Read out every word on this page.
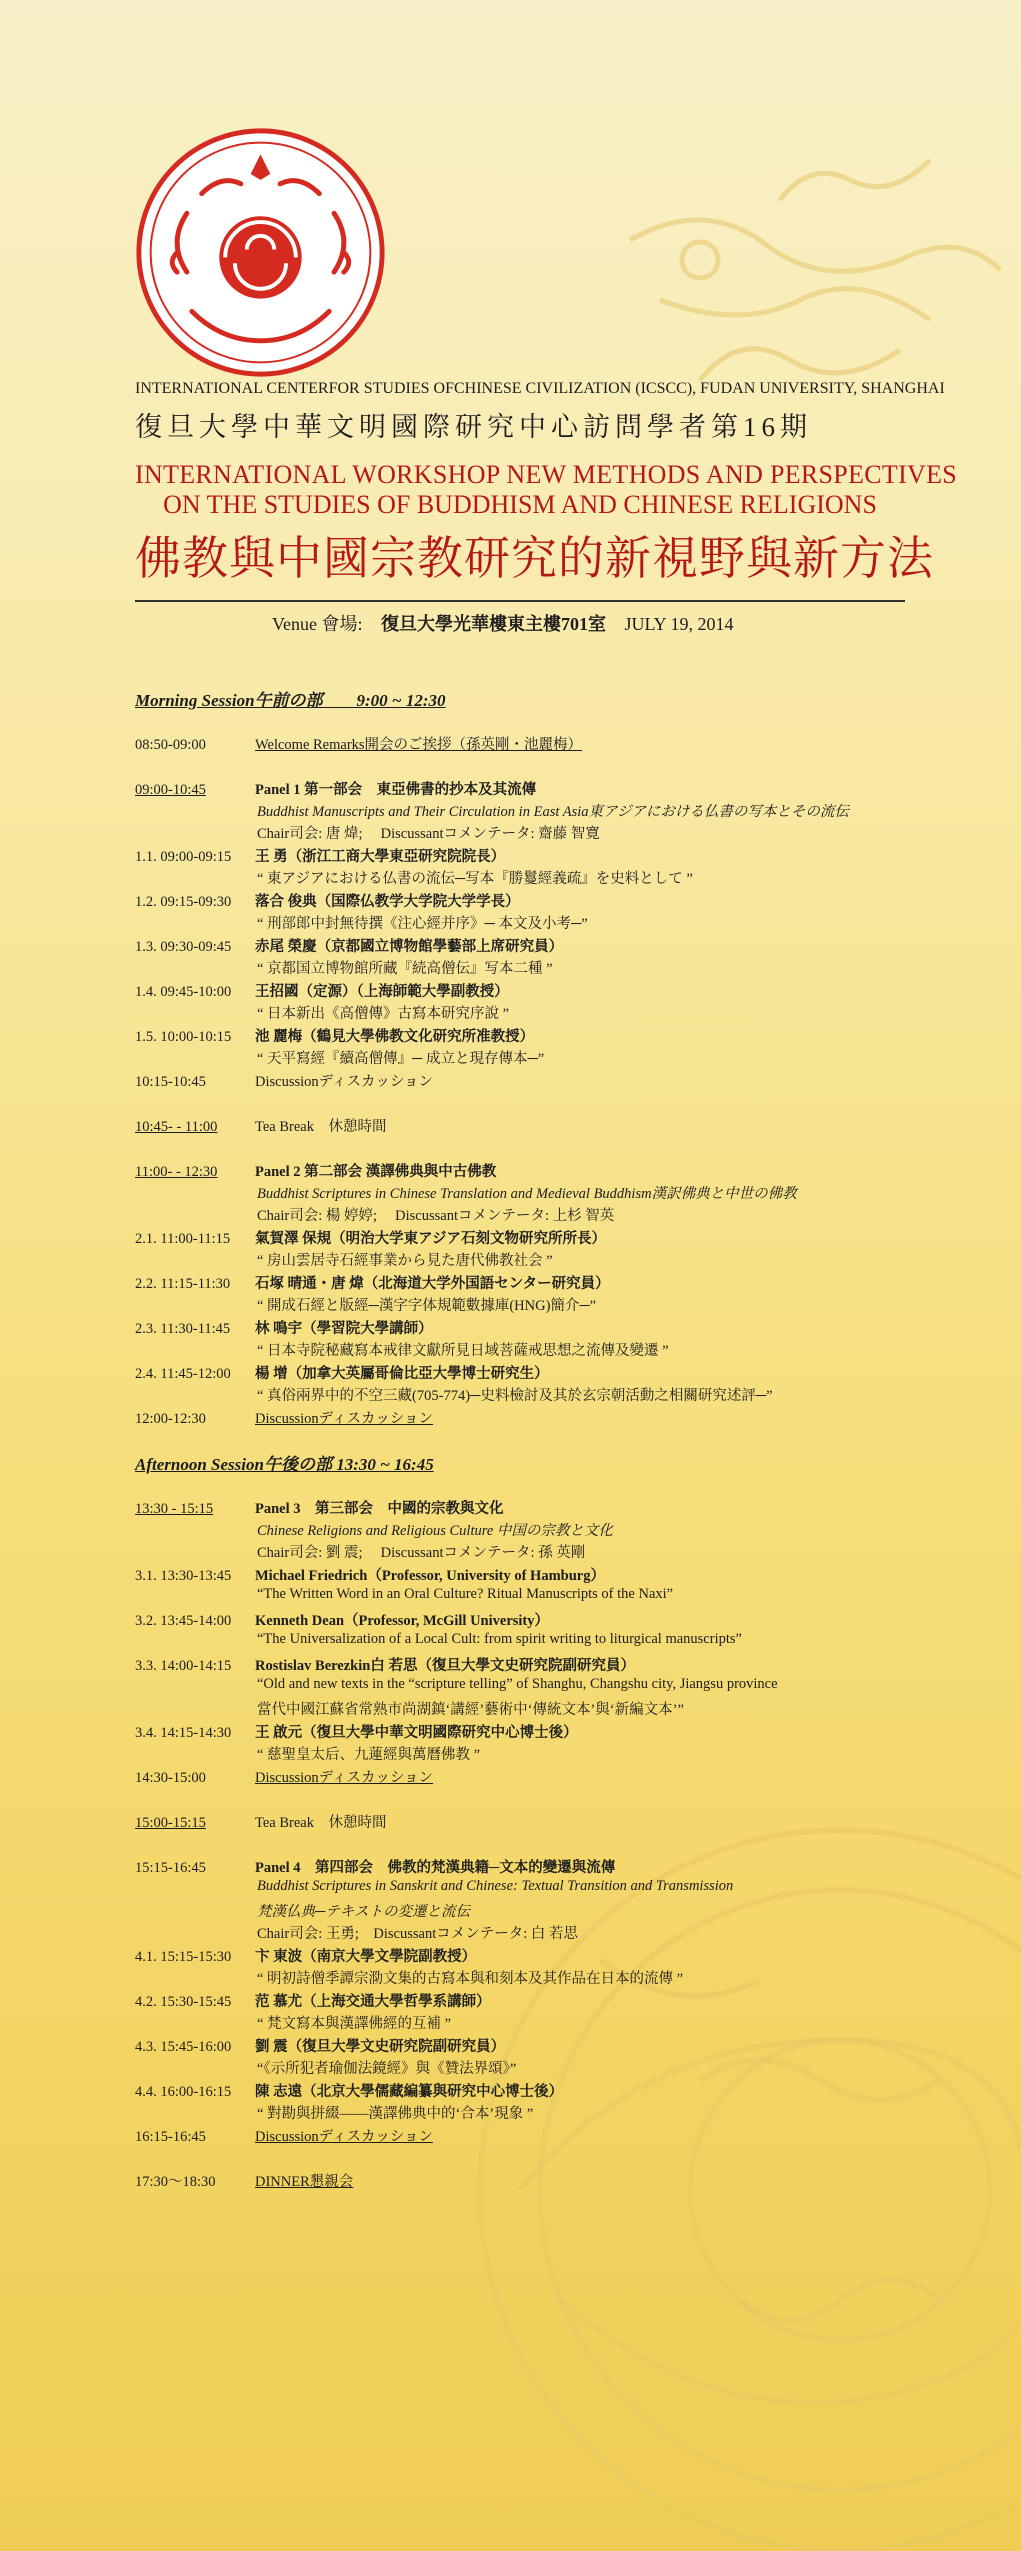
INTERNATIONAL CENTERFOR STUDIES OFCHINESE CIVILIZATION (ICSCC), FUDAN UNIVERSITY, SHANGHAI
復旦大學中華文明國際研究中心訪問學者第16期
INTERNATIONAL WORKSHOP NEW METHODS AND PERSPECTIVES
ON THE STUDIES OF BUDDHISM AND CHINESE RELIGIONS
佛教與中國宗教研究的新視野與新方法
Venue 會場: 復旦大學光華樓東主樓701室 JULY 19, 2014
Morning Session午前の部　　9:00 ~ 12:30
08:50-09:00	Welcome Remarks開会のご挨拶（孫英剛・池麗梅）
09:00-10:45	Panel 1 第一部会　東亞佛書的抄本及其流傳
Buddhist Manuscripts and Their Circulation in East Asia東アジアにおける仏書の写本とその流伝
Chair司会: 唐 煒;　 Discussantコメンテータ: 齋藤 智寛
1.1. 09:00-09:15 王 勇（浙江工商大學東亞研究院院長）
“ 東アジアにおける仏書の流伝─写本『勝鬘經義疏』を史料として ”
1.2. 09:15-09:30 落合 俊典（国際仏教学大学院大学学長）
“ 刑部郎中封無待撰《注心經并序》─ 本文及小考─”
1.3. 09:30-09:45 赤尾 榮慶（京都國立博物館學藝部上席研究員）
“ 京都国立博物館所藏『続高僧伝』写本二種 ”
1.4. 09:45-10:00 王招國（定源）（上海師範大學副教授）
“ 日本新出《高僧傳》古寫本研究序說 ”
1.5. 10:00-10:15 池 麗梅（鶴見大學佛教文化研究所准教授）
“ 天平寫經『續高僧傳』─ 成立と現存傳本─”
10:15-10:45	Discussionディスカッション
10:45- - 11:00	Tea Break　休憩時間
11:00- - 12:30	Panel 2 第二部会 漢譯佛典與中古佛教
Buddhist Scriptures in Chinese Translation and Medieval Buddhism漢訳佛典と中世の佛教
Chair司会: 楊 婷婷;　 Discussantコメンテータ: 上杉 智英
2.1. 11:00-11:15 氣賀澤 保規（明治大学東アジア石刻文物研究所所長）
“ 房山雲居寺石經事業から見た唐代佛教社会 ”
2.2. 11:15-11:30 石塚 晴通・唐 煒（北海道大学外国語センター研究員）
“ 開成石經と版經─漢字字体規範數據庫(HNG)簡介─”
2.3. 11:30-11:45 林 鳴宇（學習院大學講師）
“ 日本寺院秘藏寫本戒律文獻所見日域菩薩戒思想之流傳及變遷 ”
2.4. 11:45-12:00 楊 增（加拿大英屬哥倫比亞大學博士研究生）
“ 真俗兩界中的不空三藏(705-774)─史料檢討及其於玄宗朝活動之相關研究述評─”
12:00-12:30	Discussionディスカッション
Afternoon Session午後の部 13:30 ~ 16:45
13:30 - 15:15	Panel 3　第三部会　中國的宗教與文化
Chinese Religions and Religious Culture 中国の宗教と文化
Chair司会: 劉 震;　 Discussantコメンテータ: 孫 英剛
3.1. 13:30-13:45 Michael Friedrich（Professor, University of Hamburg）
“The Written Word in an Oral Culture? Ritual Manuscripts of the Naxi”
3.2. 13:45-14:00 Kenneth Dean（Professor, McGill University）
“The Universalization of a Local Cult: from spirit writing to liturgical manuscripts”
3.3. 14:00-14:15 Rostislav Berezkin白 若思（復旦大學文史研究院副研究員）
“Old and new texts in the “scripture telling” of Shanghu, Changshu city, Jiangsu province
當代中國江蘇省常熟市尚湖鎮‘講經’藝術中‘傳統文本’與‘新編文本’”
3.4. 14:15-14:30 王 啟元（復旦大學中華文明國際研究中心博士後）
“ 慈聖皇太后、九蓮經與萬曆佛教 ”
14:30-15:00	Discussionディスカッション
15:00-15:15	Tea Break　休憩時間
15:15-16:45	Panel 4　第四部会　佛教的梵漢典籍─文本的變遷與流傳
Buddhist Scriptures in Sanskrit and Chinese: Textual Transition and Transmission
梵漢仏典─テキストの変遷と流伝
Chair司会: 王勇;　Discussantコメンテータ: 白 若思
4.1. 15:15-15:30 卞 東波（南京大學文學院副教授）
“ 明初詩僧季譚宗泐文集的古寫本與和刻本及其作品在日本的流傳 ”
4.2. 15:30-15:45 范 慕尤（上海交通大學哲學系講師）
“ 梵文寫本與漢譯佛經的互補 ”
4.3. 15:45-16:00 劉 震（復旦大學文史研究院副研究員）
“《示所犯者瑜伽法鏡經》與《贊法界頌》”
4.4. 16:00-16:15 陳 志遠（北京大學儒藏編纂與研究中心博士後）
“ 對勘與拼綴——漢譯佛典中的‘合本’現象 ”
16:15-16:45	Discussionディスカッション
17:30～18:30	DINNER懇親会
